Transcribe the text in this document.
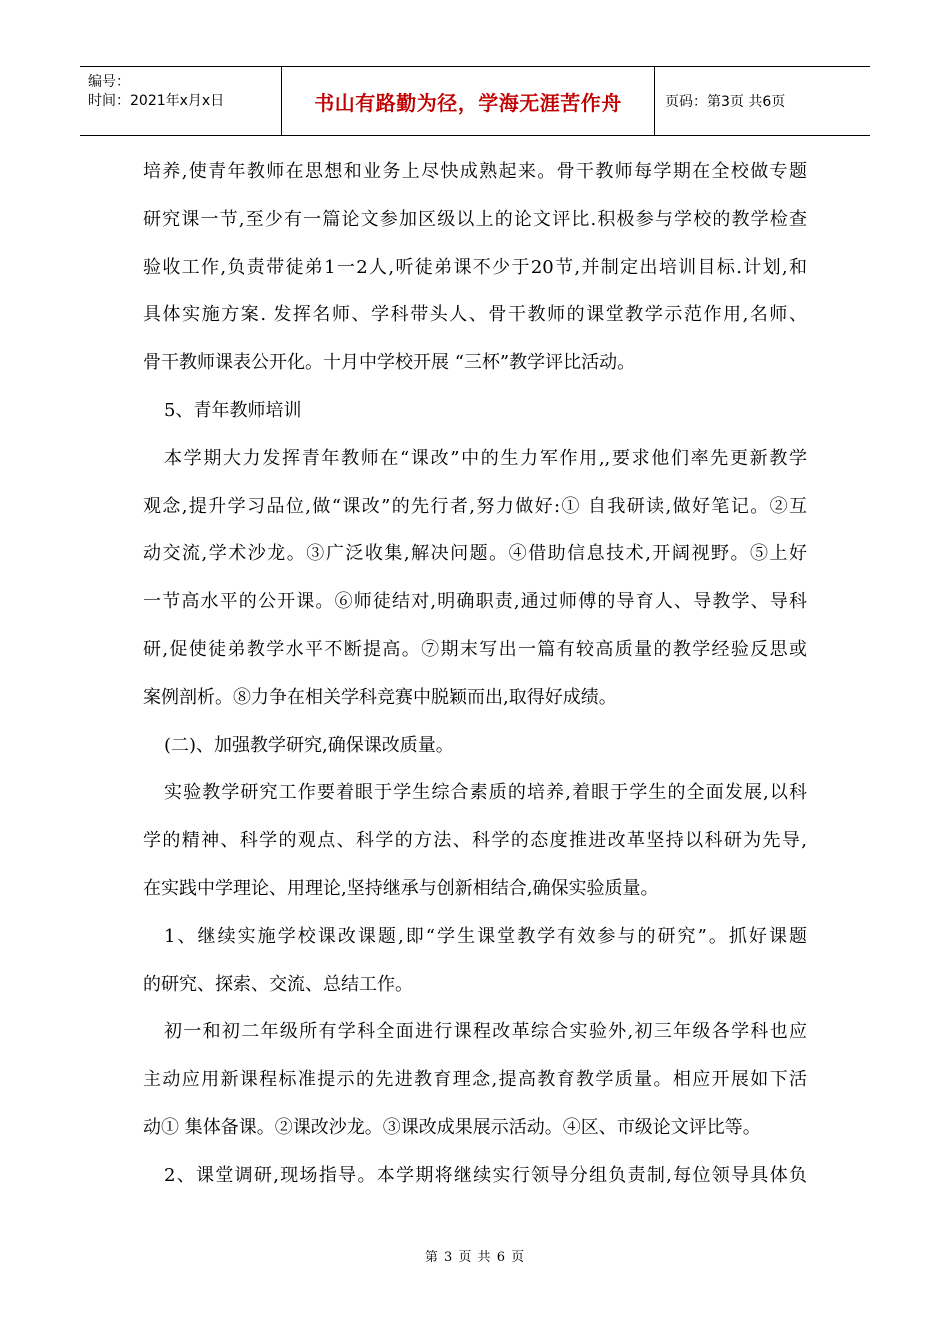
编号：
时间：2021年x月x日	书山有路勤为径，学海无涯苦作舟	页码：第3页 共6页
培养,使青年教师在思想和业务上尽快成熟起来。骨干教师每学期在全校做专题
研究课一节,至少有一篇论文参加区级以上的论文评比.积极参与学校的教学检查
验收工作,负责带徒弟1一2人,听徒弟课不少于20节,并制定出培训目标.计划,和
具体实施方案. 发挥名师、学科带头人、骨干教师的课堂教学示范作用,名师、
骨干教师课表公开化。十月中学校开展 “三杯”教学评比活动。
5、青年教师培训
本学期大力发挥青年教师在“课改”中的生力军作用,,要求他们率先更新教学
观念,提升学习品位,做“课改”的先行者,努力做好:① 自我研读,做好笔记。②互
动交流,学术沙龙。③广泛收集,解决问题。④借助信息技术,开阔视野。⑤上好
一节高水平的公开课。⑥师徒结对,明确职责,通过师傅的导育人、导教学、导科
研,促使徒弟教学水平不断提高。⑦期末写出一篇有较高质量的教学经验反思或
案例剖析。⑧力争在相关学科竞赛中脱颖而出,取得好成绩。
(二)、加强教学研究,确保课改质量。
实验教学研究工作要着眼于学生综合素质的培养,着眼于学生的全面发展,以科
学的精神、科学的观点、科学的方法、科学的态度推进改革坚持以科研为先导,
在实践中学理论、用理论,坚持继承与创新相结合,确保实验质量。
1、继续实施学校课改课题,即“学生课堂教学有效参与的研究”。抓好课题
的研究、探索、交流、总结工作。
初一和初二年级所有学科全面进行课程改革综合实验外,初三年级各学科也应
主动应用新课程标准提示的先进教育理念,提高教育教学质量。相应开展如下活
动① 集体备课。②课改沙龙。③课改成果展示活动。④区、市级论文评比等。
2、课堂调研,现场指导。本学期将继续实行领导分组负责制,每位领导具体负
第 3 页 共 6 页
